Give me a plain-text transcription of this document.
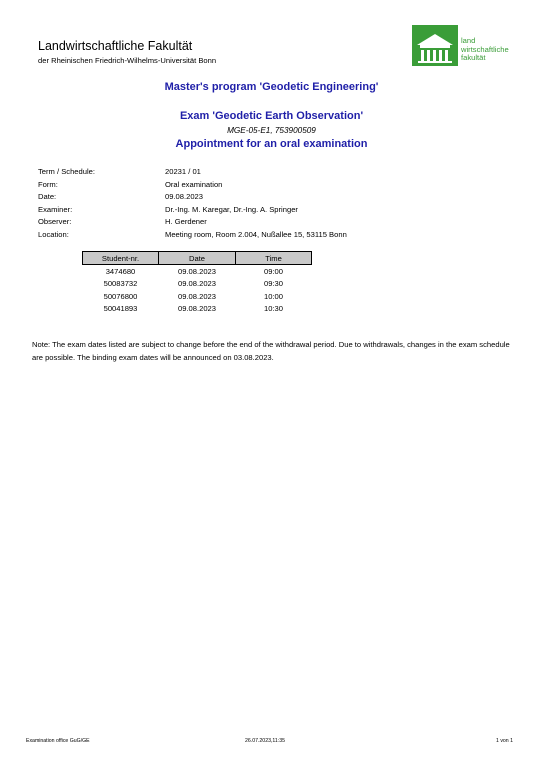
Landwirtschaftliche Fakultät
der Rheinischen Friedrich-Wilhelms-Universität Bonn
land
wirtschaftliche
fakultät
Master's program 'Geodetic Engineering'
Exam 'Geodetic Earth Observation'
MGE-05-E1, 753900509
Appointment for an oral examination
Term / Schedule:	20231 / 01
Form:	Oral examination
Date:	09.08.2023
Examiner:	Dr.-Ing. M. Karegar, Dr.-Ing. A. Springer
Observer:	H. Gerdener
Location:	Meeting room, Room 2.004, Nußallee 15, 53115 Bonn
Student-nr.	Date	Time
3474680	09.08.2023	09:00
50083732	09.08.2023	09:30
50076800	09.08.2023	10:00
50041893	09.08.2023	10:30
Note: The exam dates listed are subject to change before the end of the withdrawal period. Due to withdrawals, changes in the exam schedule are possible. The binding exam dates will be announced on 03.08.2023.
Examination office GuG/GE	26.07.2023,11:35	1 von 1
